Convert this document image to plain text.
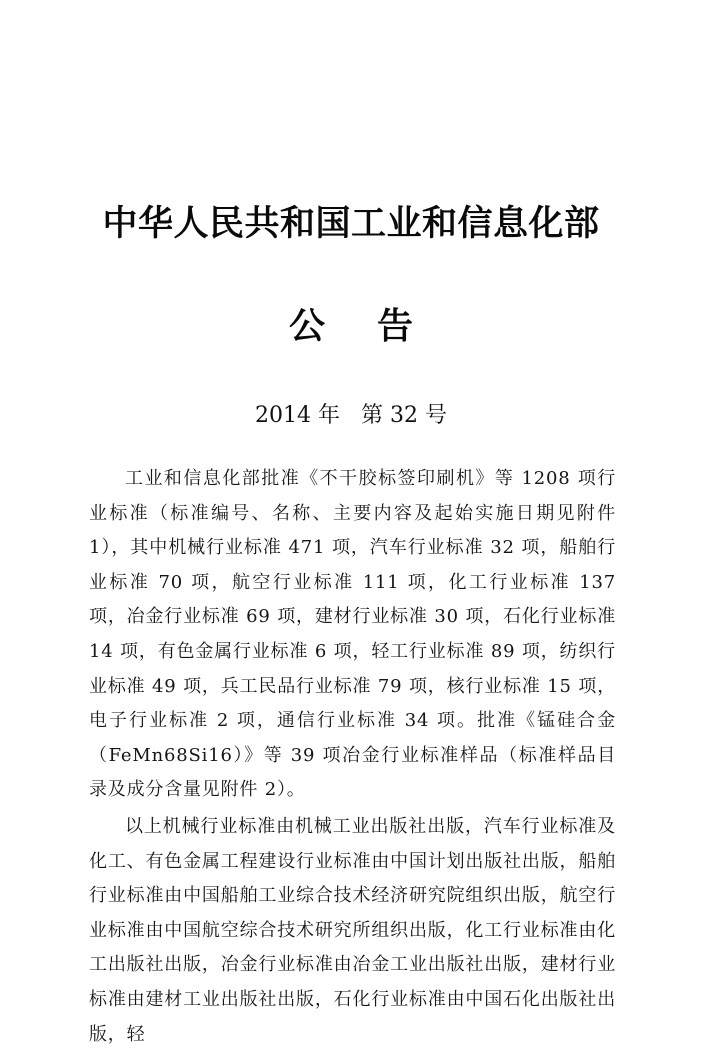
中华人民共和国工业和信息化部
公告
2014 年 第 32 号

工业和信息化部批准《不干胶标签印刷机》等 1208 项行业标准（标准编号、名称、主要内容及起始实施日期见附件 1），其中机械行业标准 471 项，汽车行业标准 32 项，船舶行业标准 70 项，航空行业标准 111 项，化工行业标准 137 项，冶金行业标准 69 项，建材行业标准 30 项，石化行业标准 14 项，有色金属行业标准 6 项，轻工行业标准 89 项，纺织行业标准 49 项，兵工民品行业标准 79 项，核行业标准 15 项，电子行业标准 2 项，通信行业标准 34 项。批准《锰硅合金（FeMn68Si16）》等 39 项冶金行业标准样品（标准样品目录及成分含量见附件 2）。

以上机械行业标准由机械工业出版社出版，汽车行业标准及化工、有色金属工程建设行业标准由中国计划出版社出版，船舶行业标准由中国船舶工业综合技术经济研究院组织出版，航空行业标准由中国航空综合技术研究所组织出版，化工行业标准由化工出版社出版，冶金行业标准由冶金工业出版社出版，建材行业标准由建材工业出版社出版，石化行业标准由中国石化出版社出版，轻
